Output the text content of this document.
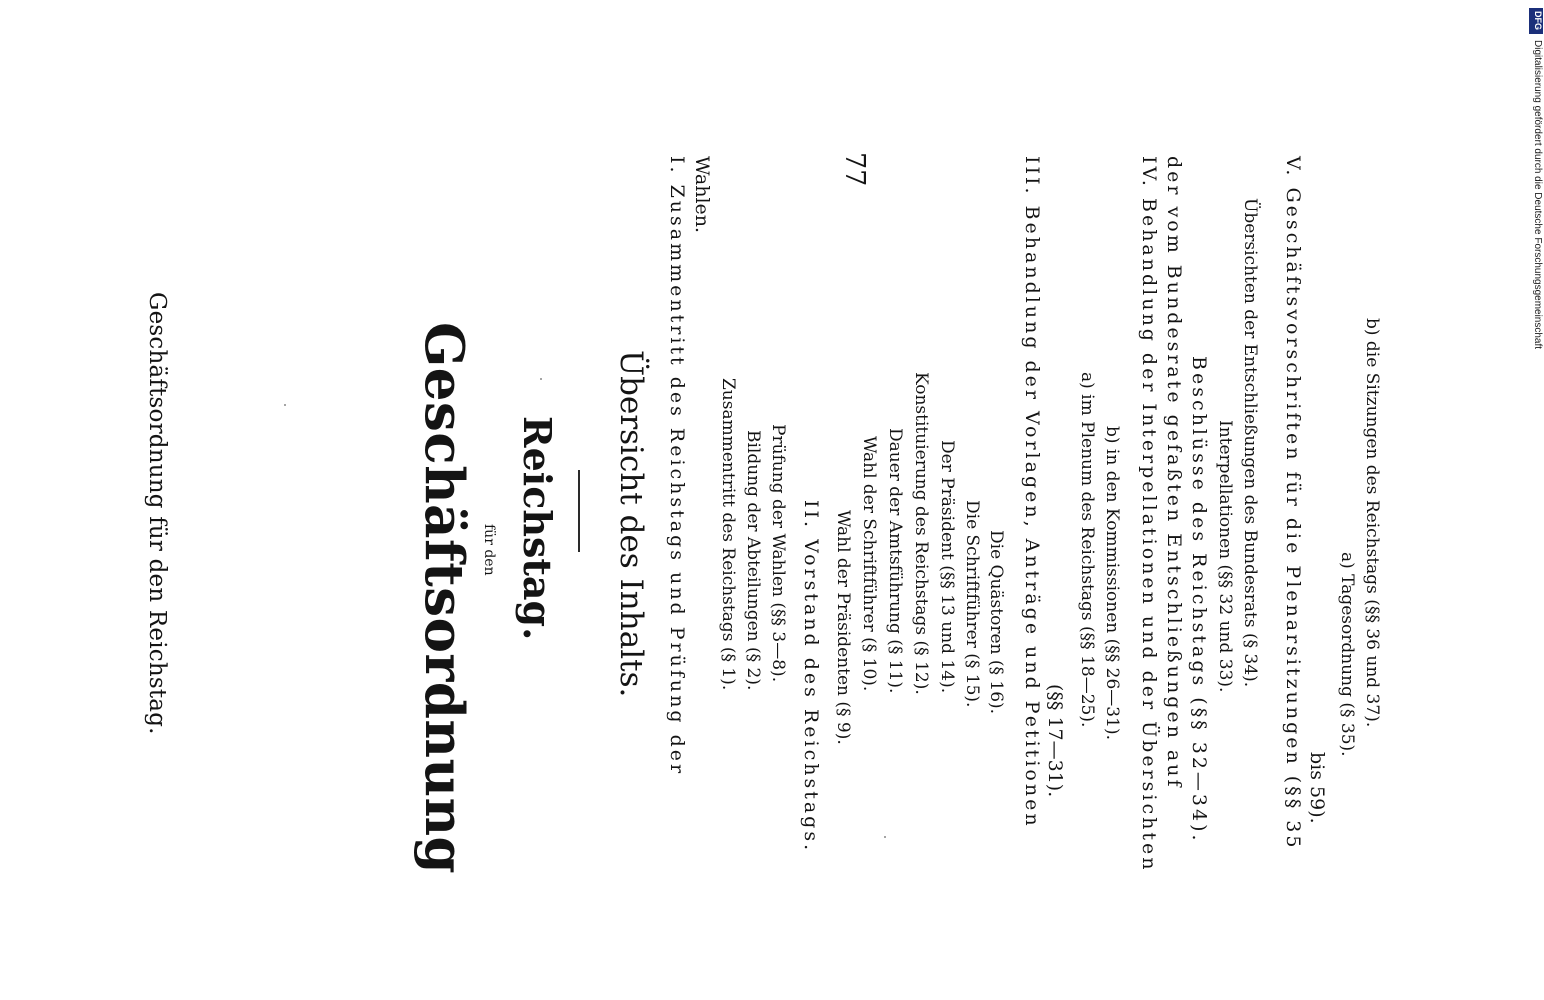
Geschäftsordnung für den Reichstag.
77
Geschäftsordnung für den Reichstag. Übersicht des Inhalts. I. Zusammentritt des Reichstags und Prüfung der Wahlen.
Zusammentritt des Reichstags (§ 1). Bildung der Abteilungen (§ 2). Prüfung der Wahlen (§§ 3—8). II. Vorstand des Reichstags. Wahl der Präsidenten (§ 9). Wahl der Schriftführer (§ 10). Dauer der Amtsführung (§ 11). Konstituierung des Reichstags (§ 12). Der Präsident (§§ 13 und 14). Die Schriftführer (§ 15). Die Quästoren (§ 16). III. Behandlung der Vorlagen, Anträge und Petitionen (§§ 17—31).
a) im Plenum des Reichstags (§§ 18—25). b) in den Kommissionen (§§ 26—31). IV. Behandlung der Interpellationen und der Übersichten der vom Bundesrate gefaßten Entschließungen auf Beschlüsse des Reichstags (§§ 32—34). Interpellationen (§§ 32 und 33). Übersichten der Entschließungen des Bundesrats (§ 34). V. Geschäftsvorschriften für die Plenarsitzungen (§§ 35 bis 59).
a) Tagesordnung (§ 35). b) die Sitzungen des Reichstags (§§ 36 und 37).
DFG
Digitalisierung gefördert durch die Deutsche Forschungsgemeinschaft
